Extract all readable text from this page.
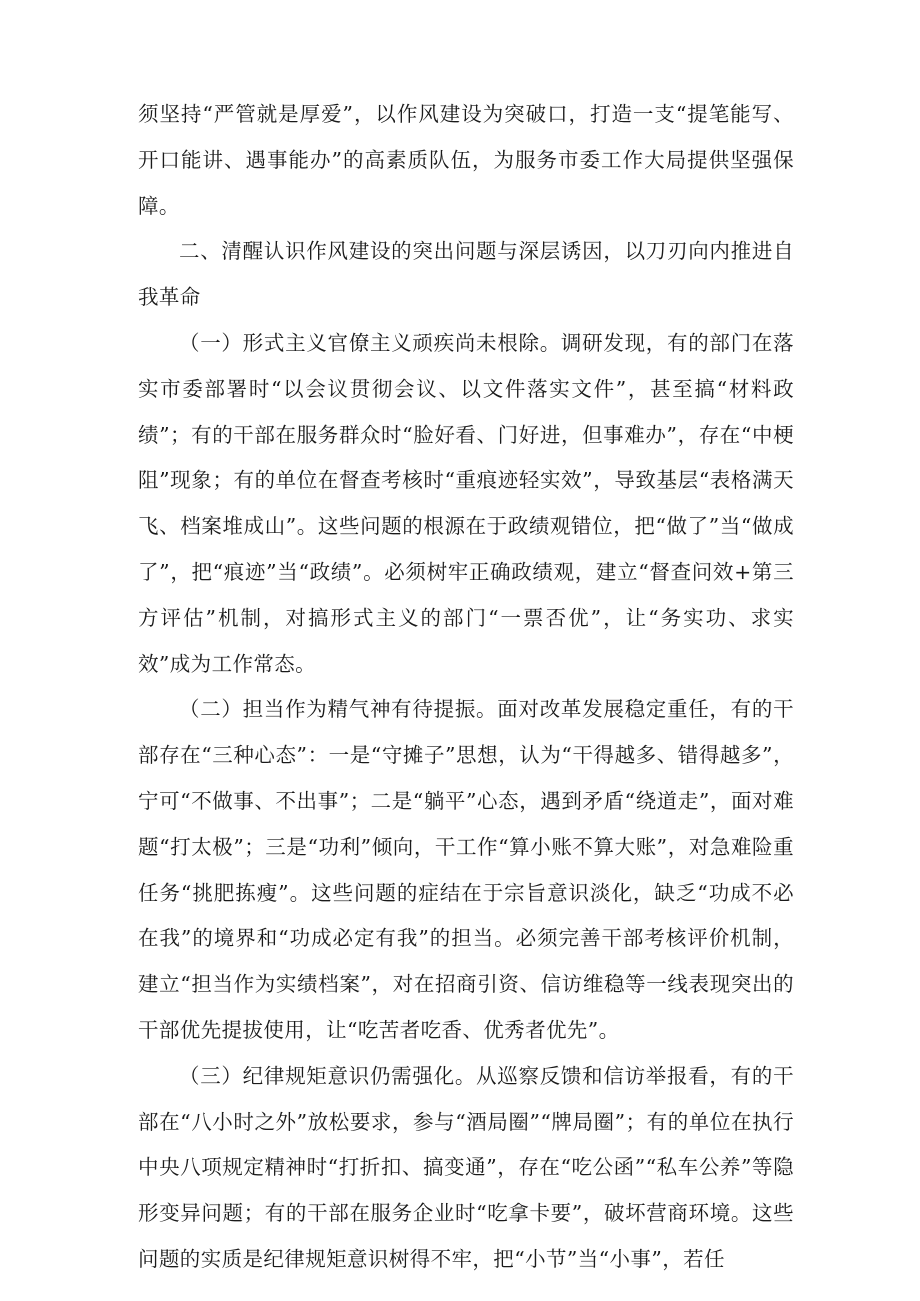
须坚持“严管就是厚爱”，以作风建设为突破口，打造一支“提笔能写、开口能讲、遇事能办”的高素质队伍，为服务市委工作大局提供坚强保障。

二、清醒认识作风建设的突出问题与深层诱因，以刀刃向内推进自我革命

（一）形式主义官僚主义顽疾尚未根除。调研发现，有的部门在落实市委部署时“以会议贯彻会议、以文件落实文件”，甚至搞“材料政绩”；有的干部在服务群众时“脸好看、门好进，但事难办”，存在“中梗阻”现象；有的单位在督查考核时“重痕迹轻实效”，导致基层“表格满天飞、档案堆成山”。这些问题的根源在于政绩观错位，把“做了”当“做成了”，把“痕迹”当“政绩”。必须树牢正确政绩观，建立“督查问效+第三方评估”机制，对搞形式主义的部门“一票否优”，让“务实功、求实效”成为工作常态。

（二）担当作为精气神有待提振。面对改革发展稳定重任，有的干部存在“三种心态”：一是“守摊子”思想，认为“干得越多、错得越多”，宁可“不做事、不出事”；二是“躺平”心态，遇到矛盾“绕道走”，面对难题“打太极”；三是“功利”倾向，干工作“算小账不算大账”，对急难险重任务“挑肥拣瘦”。这些问题的症结在于宗旨意识淡化，缺乏“功成不必在我”的境界和“功成必定有我”的担当。必须完善干部考核评价机制，建立“担当作为实绩档案”，对在招商引资、信访维稳等一线表现突出的干部优先提拔使用，让“吃苦者吃香、优秀者优先”。

（三）纪律规矩意识仍需强化。从巡察反馈和信访举报看，有的干部在“八小时之外”放松要求，参与“酒局圈”“牌局圈”；有的单位在执行中央八项规定精神时“打折扣、搞变通”，存在“吃公函”“私车公养”等隐形变异问题；有的干部在服务企业时“吃拿卡要”，破坏营商环境。这些问题的实质是纪律规矩意识树得不牢，把“小节”当“小事”，若任
